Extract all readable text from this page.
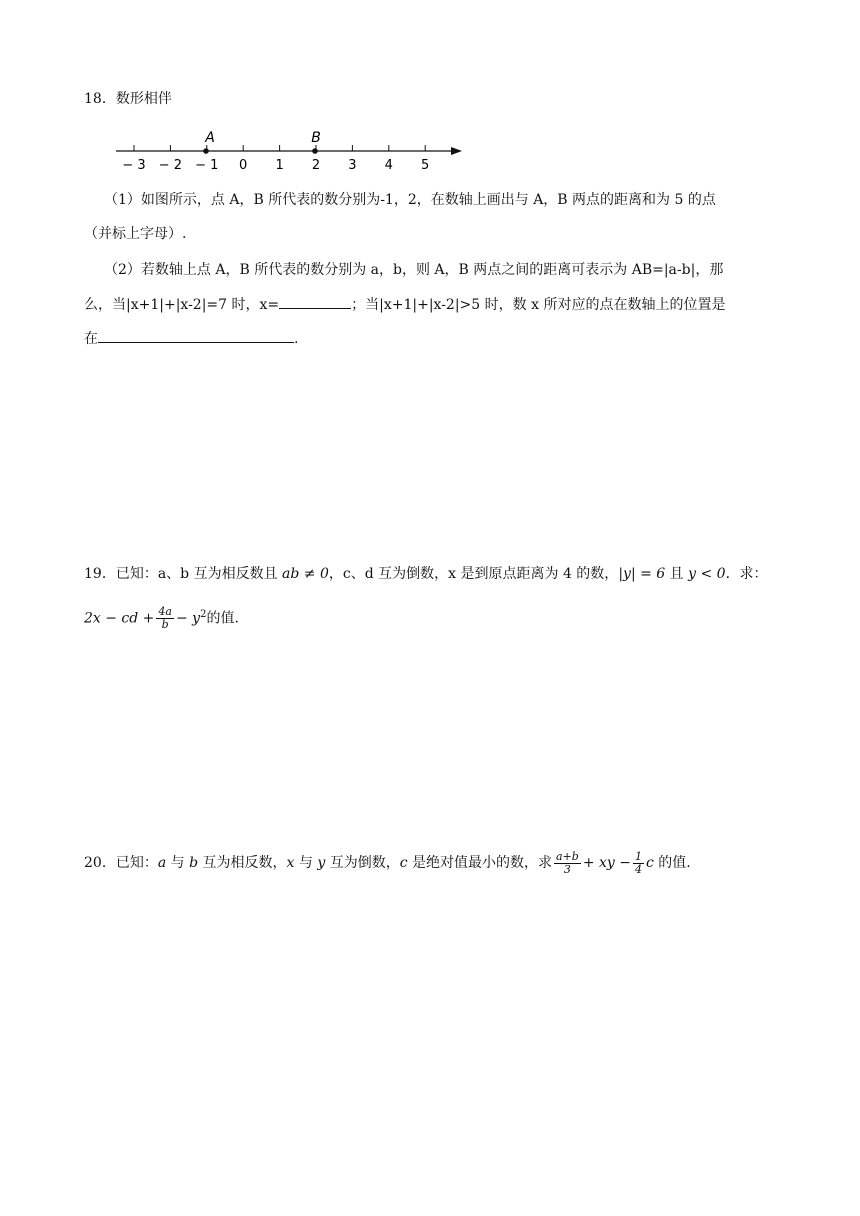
18．数形相伴
− 3 − 2 − 1 0 1 2 3 4 5
A	B
（1）如图所示，点 A，B 所代表的数分别为-1，2，在数轴上画出与 A，B 两点的距离和为 5 的点
（并标上字母）.
（2）若数轴上点 A，B 所代表的数分别为 a，b，则 A，B 两点之间的距离可表示为 AB=|a-b|，那
么，当|x+1|+|x-2|=7 时，x=	；当|x+1|+|x-2|>5 时，数 x 所对应的点在数轴上的位置是
在	.
19．已知：a、b 互为相反数且 ab ≠ 0，c、d 互为倒数，x 是到原点距离为 4 的数，|y| = 6 且 y < 0．求：
2x − cd + $\frac{4a}{b} - y^2$的值.
20．已知：a 与 b 互为相反数，x 与 y 互为倒数，c 是绝对值最小的数，求 $\frac{a+b}{3}$ + xy − $\frac{1}{4}$ c 的值.
